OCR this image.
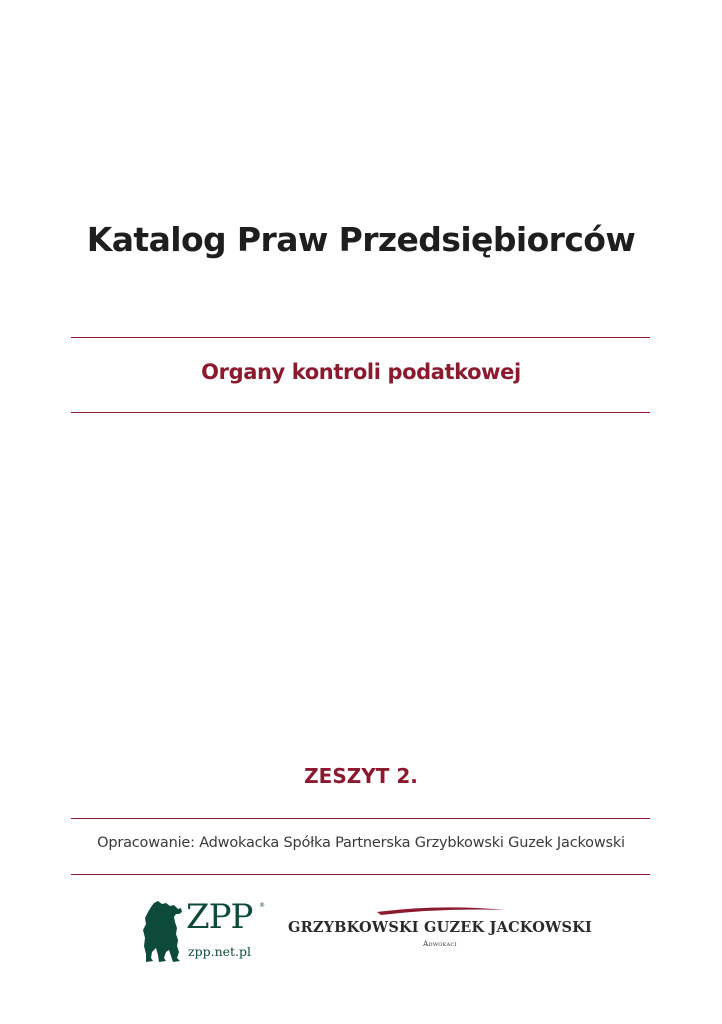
Katalog Praw Przedsiębiorców
Organy kontroli podatkowej
ZESZYT 2.
Opracowanie: Adwokacka Spółka Partnerska Grzybkowski Guzek Jackowski
ZPP ®
zpp.net.pl
GRZYBKOWSKI GUZEK JACKOWSKI
Adwokaci
